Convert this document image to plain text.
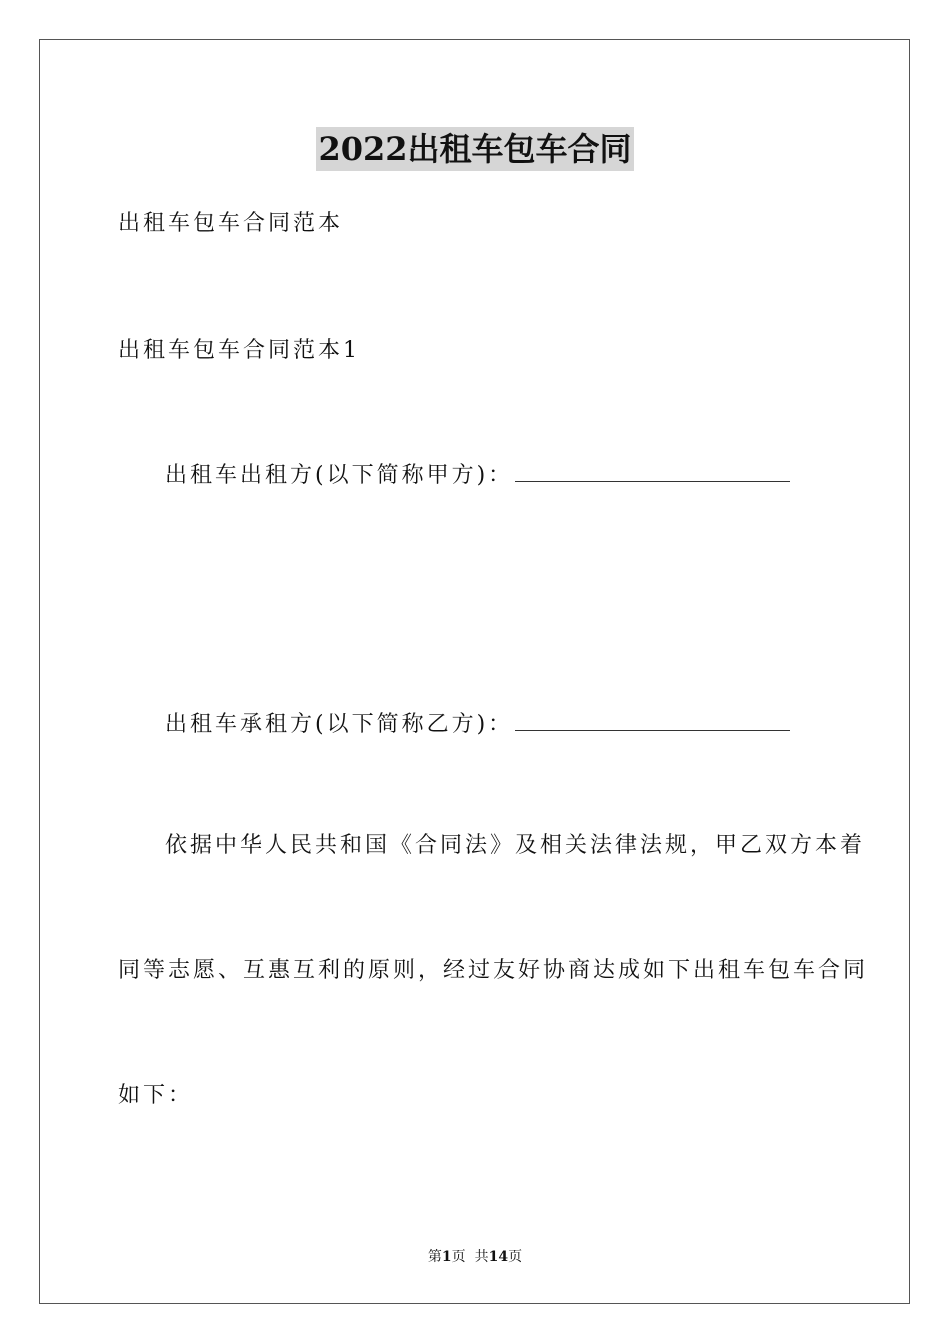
2022出租车包车合同
出租车包车合同范本
出租车包车合同范本1
出租车出租方(以下简称甲方)：
出租车承租方(以下简称乙方)：
依据中华人民共和国《合同法》及相关法律法规，甲乙双方本着
同等志愿、互惠互利的原则，经过友好协商达成如下出租车包车合同
如下：
第1页  共14页
